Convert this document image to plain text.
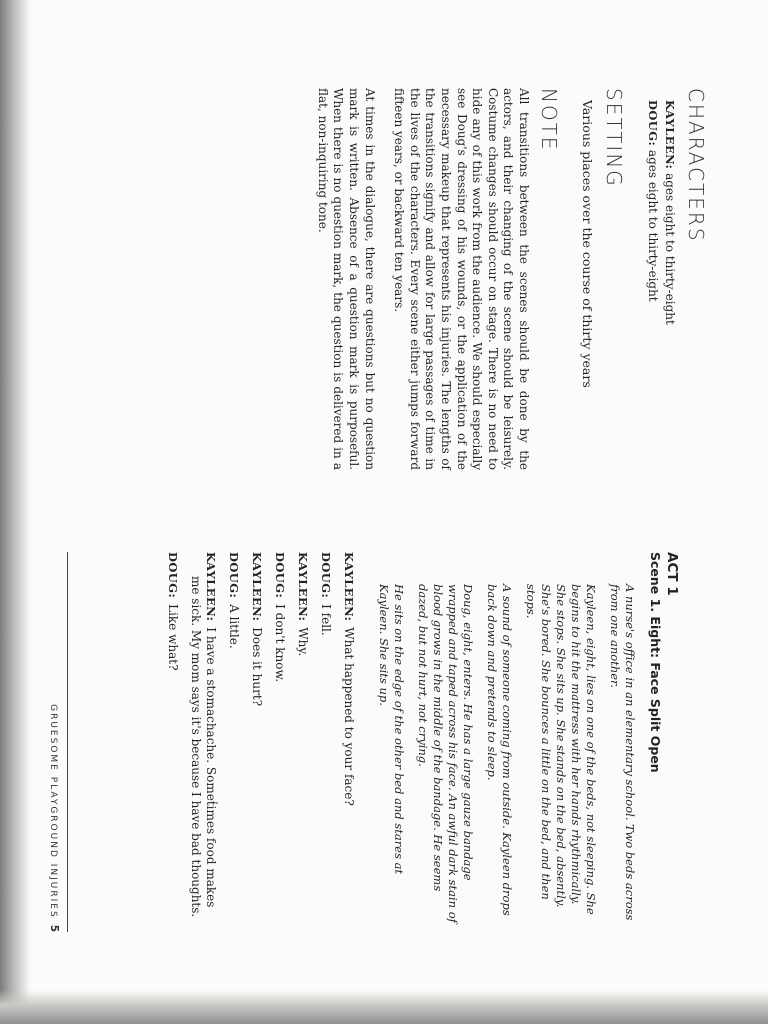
CHARACTERS

KAYLEEN: ages eight to thirty-eight

DOUG: ages eight to thirty-eight

SETTING

Various places over the course of thirty years

NOTE

All transitions between the scenes should be done by the actors, and their changing of the scene should be leisurely. Costume changes should occur on stage. There is no need to hide any of this work from the audience. We should especially see Doug's dressing of his wounds, or the application of the necessary makeup that represents his injuries. The lengths of the transitions signify and allow for large passages of time in the lives of the characters. Every scene either jumps forward fifteen years, or backward ten years.

At times in the dialogue, there are questions but no question mark is written. Absence of a question mark is purposeful. When there is no question mark, the question is delivered in a flat, non-inquiring tone.

ACT 1
Scene 1. Eight: Face Split Open

A nurse's office in an elementary school. Two beds across from one another.

Kayleen, eight, lies on one of the beds, not sleeping. She begins to hit the mattress with her hands rhythmically. She stops. She sits up. She stands on the bed, absently. She's bored. She bounces a little on the bed, and then stops.

A sound of someone coming from outside. Kayleen drops back down and pretends to sleep.

Doug, eight, enters. He has a large gauze bandage wrapped and taped across his face. An awful dark stain of blood grows in the middle of the bandage. He seems dazed, but not hurt, not crying.

He sits on the edge of the other bed and stares at Kayleen. She sits up.

KAYLEEN:What happened to your face?

DOUG:I fell.

KAYLEEN:Why.

DOUG:I don't know.

KAYLEEN:Does it hurt?

DOUG:A little.

KAYLEEN:I have a stomachache. Sometimes food makes me sick. My mom says it's because I have bad thoughts.

DOUG:Like what?

GRUESOME PLAYGROUND INJURIES5
